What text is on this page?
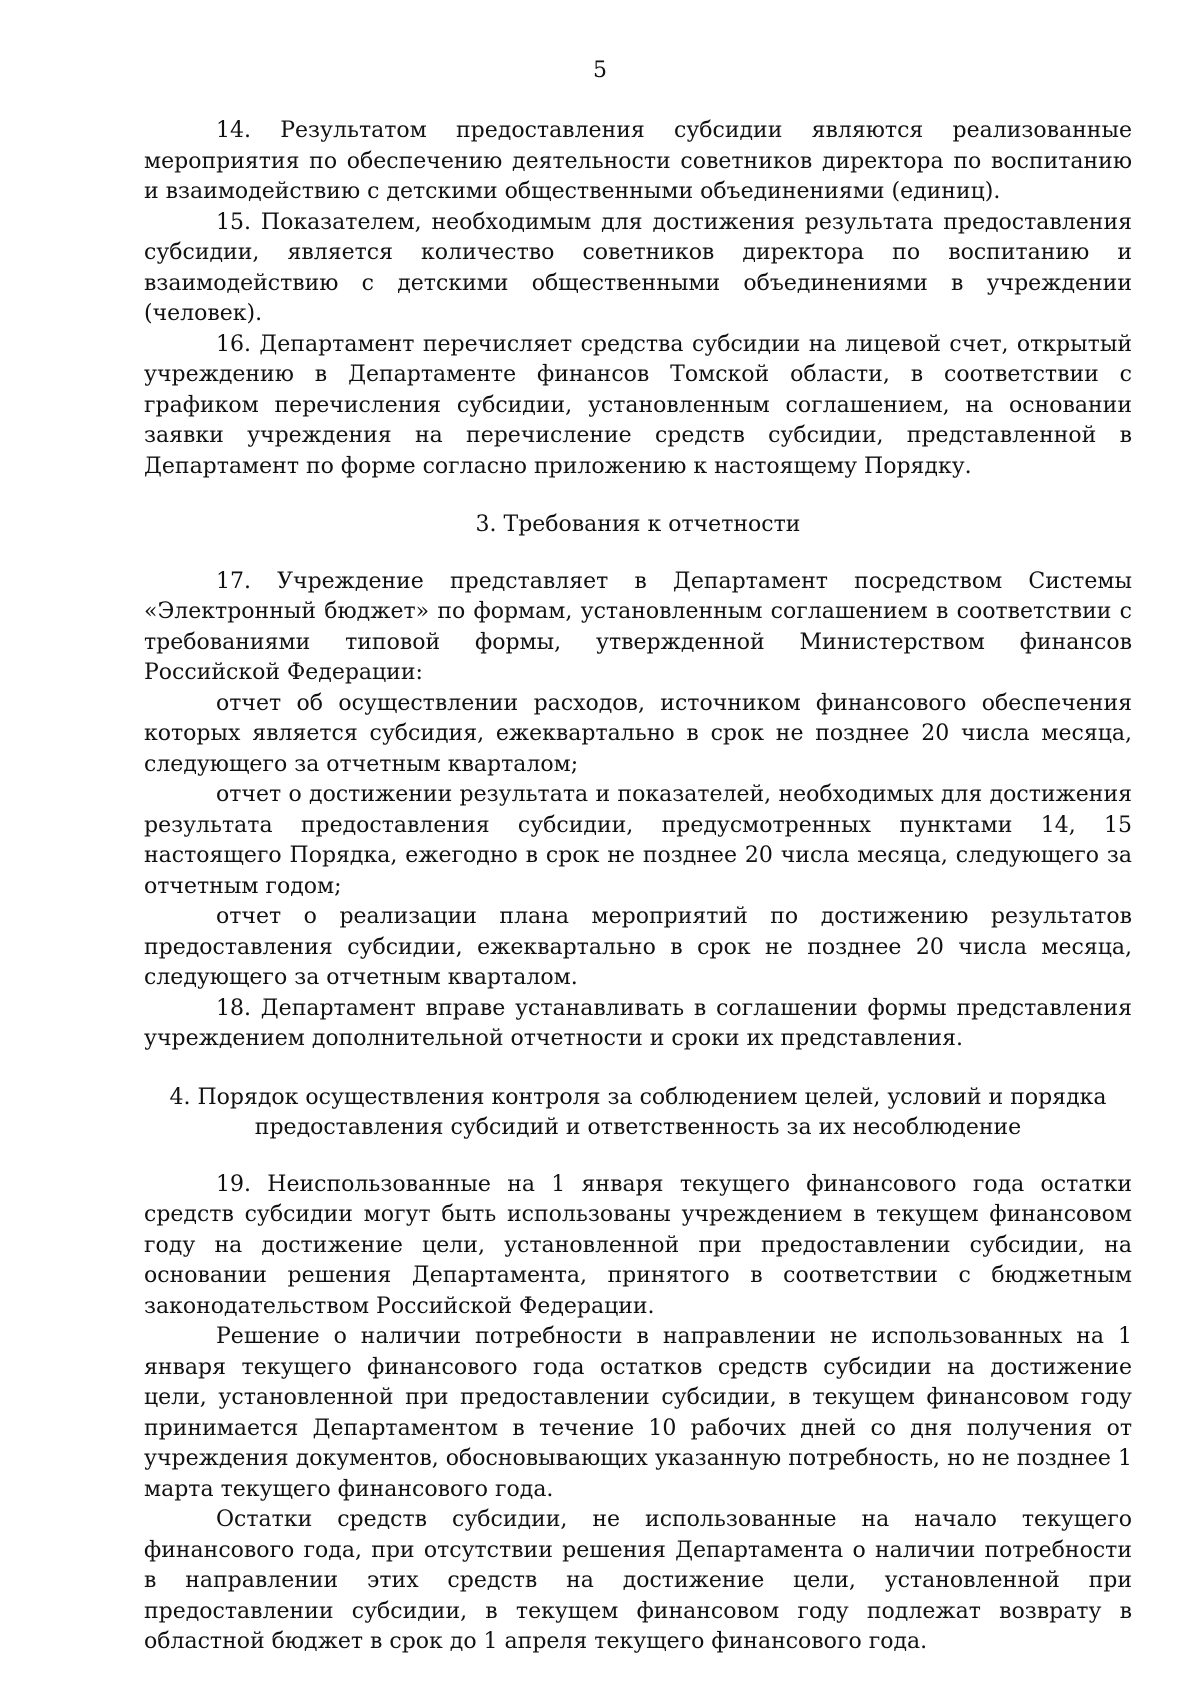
5

14. Результатом предоставления субсидии являются реализованные мероприятия по обеспечению деятельности советников директора по воспитанию и взаимодействию с детскими общественными объединениями (единиц).

15. Показателем, необходимым для достижения результата предоставления субсидии, является количество советников директора по воспитанию и взаимодействию с детскими общественными объединениями в учреждении (человек).

16. Департамент перечисляет средства субсидии на лицевой счет, открытый учреждению в Департаменте финансов Томской области, в соответствии с графиком перечисления субсидии, установленным соглашением, на основании заявки учреждения на перечисление средств субсидии, представленной в Департамент по форме согласно приложению к настоящему Порядку.

3. Требования к отчетности

17. Учреждение представляет в Департамент посредством Системы «Электронный бюджет» по формам, установленным соглашением в соответствии с требованиями типовой формы, утвержденной Министерством финансов Российской Федерации:

отчет об осуществлении расходов, источником финансового обеспечения которых является субсидия, ежеквартально в срок не позднее 20 числа месяца, следующего за отчетным кварталом;

отчет о достижении результата и показателей, необходимых для достижения результата предоставления субсидии, предусмотренных пунктами 14, 15 настоящего Порядка, ежегодно в срок не позднее 20 числа месяца, следующего за отчетным годом;

отчет о реализации плана мероприятий по достижению результатов предоставления субсидии, ежеквартально в срок не позднее 20 числа месяца, следующего за отчетным кварталом.

18. Департамент вправе устанавливать в соглашении формы представления учреждением дополнительной отчетности и сроки их представления.

4. Порядок осуществления контроля за соблюдением целей, условий и порядка

предоставления субсидий и ответственность за их несоблюдение

19. Неиспользованные на 1 января текущего финансового года остатки средств субсидии могут быть использованы учреждением в текущем финансовом году на достижение цели, установленной при предоставлении субсидии, на основании решения Департамента, принятого в соответствии с бюджетным законодательством Российской Федерации.

Решение о наличии потребности в направлении не использованных на 1 января текущего финансового года остатков средств субсидии на достижение цели, установленной при предоставлении субсидии, в текущем финансовом году принимается Департаментом в течение 10 рабочих дней со дня получения от учреждения документов, обосновывающих указанную потребность, но не позднее 1 марта текущего финансового года.

Остатки средств субсидии, не использованные на начало текущего финансового года, при отсутствии решения Департамента о наличии потребности в направлении этих средств на достижение цели, установленной при предоставлении субсидии, в текущем финансовом году подлежат возврату в областной бюджет в срок до 1 апреля текущего финансового года.
